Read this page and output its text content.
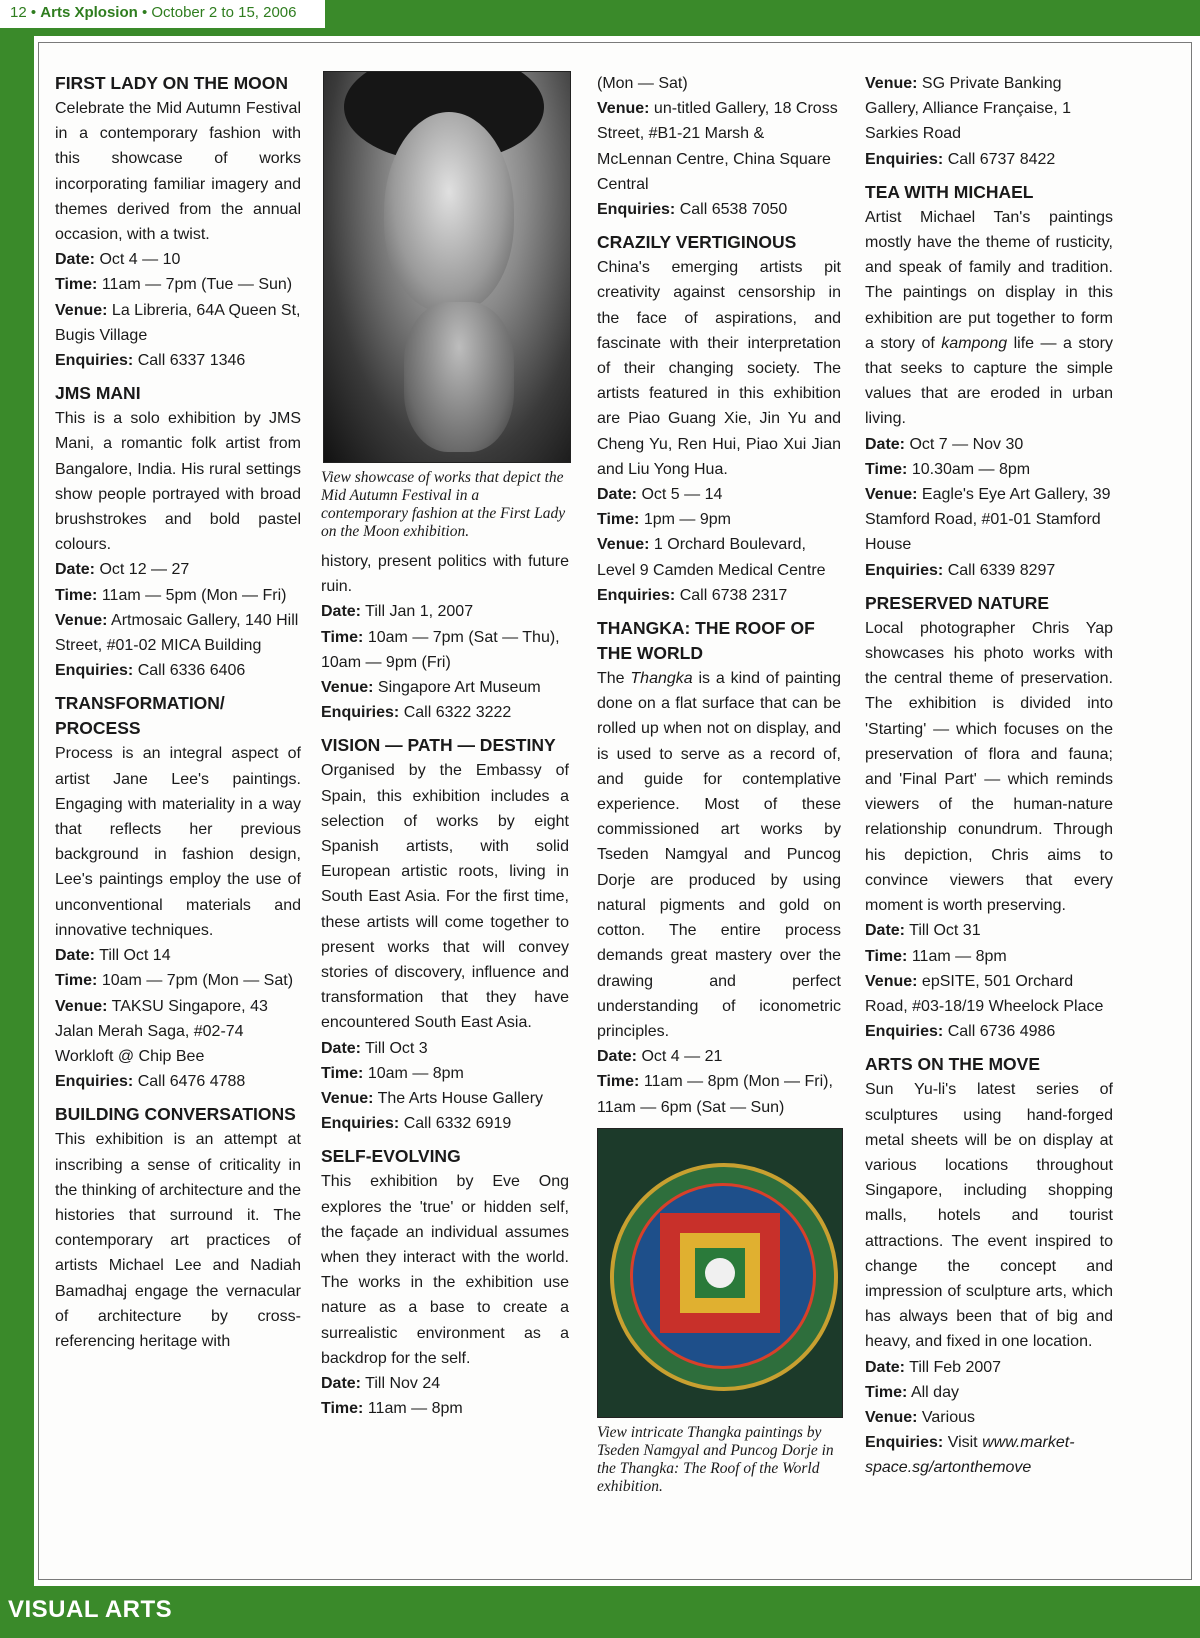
12 • Arts Xplosion • October 2 to 15, 2006
VISUAL ARTS
FIRST LADY ON THE MOON

Celebrate the Mid Autumn Festival in a contemporary fashion with this showcase of works incorporating familiar imagery and themes derived from the annual occasion, with a twist.

Date: Oct 4 — 10

Time: 11am — 7pm (Tue — Sun)

Venue: La Libreria, 64A Queen St, Bugis Village

Enquiries: Call 6337 1346

JMS MANI

This is a solo exhibition by JMS Mani, a romantic folk artist from Bangalore, India. His rural settings show people portrayed with broad brushstrokes and bold pastel colours.

Date: Oct 12 — 27

Time: 11am — 5pm (Mon — Fri)

Venue: Artmosaic Gallery, 140 Hill Street, #01-02 MICA Building

Enquiries: Call 6336 6406

TRANSFORMATION/ PROCESS

Process is an integral aspect of artist Jane Lee's paintings. Engaging with materiality in a way that reflects her previous background in fashion design, Lee's paintings employ the use of unconventional materials and innovative techniques.

Date: Till Oct 14

Time: 10am — 7pm (Mon — Sat)

Venue: TAKSU Singapore, 43 Jalan Merah Saga, #02-74 Workloft @ Chip Bee

Enquiries: Call 6476 4788

BUILDING CONVERSATIONS

This exhibition is an attempt at inscribing a sense of criticality in the thinking of architecture and the histories that surround it. The contemporary art practices of artists Michael Lee and Nadiah Bamadhaj engage the vernacular of architecture by cross-referencing heritage with

View showcase of works that depict the Mid Autumn Festival in a contemporary fashion at the First Lady on the Moon exhibition.

history, present politics with future ruin.

Date: Till Jan 1, 2007

Time: 10am — 7pm (Sat — Thu), 10am — 9pm (Fri)

Venue: Singapore Art Museum

Enquiries: Call 6322 3222

VISION — PATH — DESTINY

Organised by the Embassy of Spain, this exhibition includes a selection of works by eight Spanish artists, with solid European artistic roots, living in South East Asia. For the first time, these artists will come together to present works that will convey stories of discovery, influence and transformation that they have encountered South East Asia.

Date: Till Oct 3

Time: 10am — 8pm

Venue: The Arts House Gallery

Enquiries: Call 6332 6919

SELF-EVOLVING

This exhibition by Eve Ong explores the 'true' or hidden self, the façade an individual assumes when they interact with the world. The works in the exhibition use nature as a base to create a surrealistic environment as a backdrop for the self.

Date: Till Nov 24

Time: 11am — 8pm

(Mon — Sat)

Venue: un-titled Gallery, 18 Cross Street, #B1-21 Marsh & McLennan Centre, China Square Central

Enquiries: Call 6538 7050

CRAZILY VERTIGINOUS

China's emerging artists pit creativity against censorship in the face of aspirations, and fascinate with their interpretation of their changing society. The artists featured in this exhibition are Piao Guang Xie, Jin Yu and Cheng Yu, Ren Hui, Piao Xui Jian and Liu Yong Hua.

Date: Oct 5 — 14

Time: 1pm — 9pm

Venue: 1 Orchard Boulevard, Level 9 Camden Medical Centre

Enquiries: Call 6738 2317

THANGKA: THE ROOF OF THE WORLD

The Thangka is a kind of painting done on a flat surface that can be rolled up when not on display, and is used to serve as a record of, and guide for contemplative experience. Most of these commissioned art works by Tseden Namgyal and Puncog Dorje are produced by using natural pigments and gold on cotton. The entire process demands great mastery over the drawing and perfect understanding of iconometric principles.

Date: Oct 4 — 21

Time: 11am — 8pm (Mon — Fri), 11am — 6pm (Sat — Sun)

View intricate Thangka paintings by Tseden Namgyal and Puncog Dorje in the Thangka: The Roof of the World exhibition.

Venue: SG Private Banking Gallery, Alliance Française, 1 Sarkies Road

Enquiries: Call 6737 8422

TEA WITH MICHAEL

Artist Michael Tan's paintings mostly have the theme of rusticity, and speak of family and tradition. The paintings on display in this exhibition are put together to form a story of kampong life — a story that seeks to capture the simple values that are eroded in urban living.

Date: Oct 7 — Nov 30

Time: 10.30am — 8pm

Venue: Eagle's Eye Art Gallery, 39 Stamford Road, #01-01 Stamford House

Enquiries: Call 6339 8297

PRESERVED NATURE

Local photographer Chris Yap showcases his photo works with the central theme of preservation. The exhibition is divided into 'Starting' — which focuses on the preservation of flora and fauna; and 'Final Part' — which reminds viewers of the human-nature relationship conundrum. Through his depiction, Chris aims to convince viewers that every moment is worth preserving.

Date: Till Oct 31

Time: 11am — 8pm

Venue: epSITE, 501 Orchard Road, #03-18/19 Wheelock Place

Enquiries: Call 6736 4986

ARTS ON THE MOVE

Sun Yu-li's latest series of sculptures using hand-forged metal sheets will be on display at various locations throughout Singapore, including shopping malls, hotels and tourist attractions. The event inspired to change the concept and impression of sculpture arts, which has always been that of big and heavy, and fixed in one location.

Date: Till Feb 2007

Time: All day

Venue: Various

Enquiries: Visit www.market-space.sg/artonthemove
